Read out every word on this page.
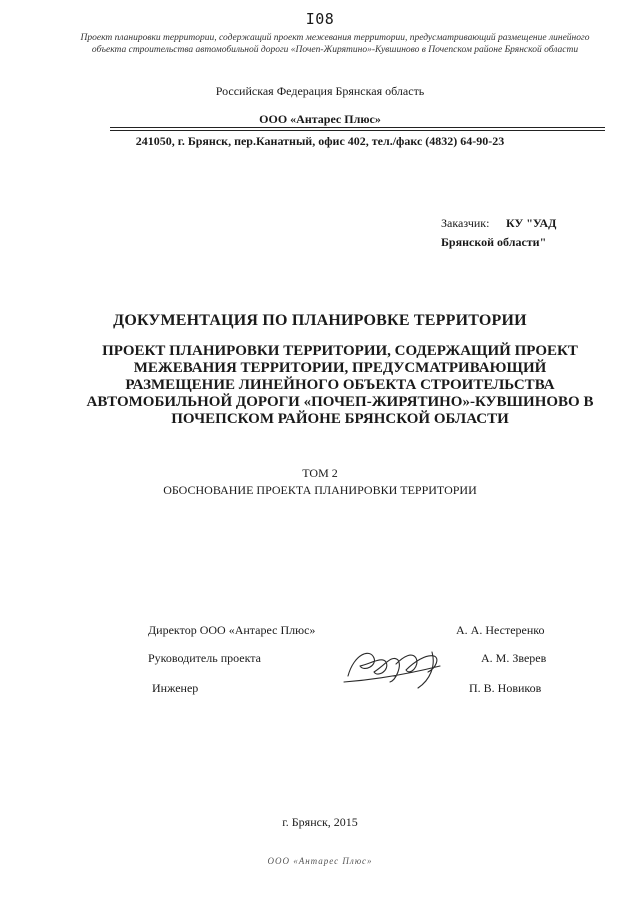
I08
Проект планировки территории, содержащий проект межевания территории, предусматривающий размещение линейного объекта строительства автомобильной дороги «Почеп-Жирятино»-Кувшиново в Почепском районе Брянской области
Российская Федерация Брянская область
ООО «Антарес Плюс»
241050, г. Брянск, пер.Канатный, офис 402, тел./факс (4832) 64-90-23
Заказчик: КУ "УАД
Брянской области"
ДОКУМЕНТАЦИЯ ПО ПЛАНИРОВКЕ ТЕРРИТОРИИ
ПРОЕКТ ПЛАНИРОВКИ ТЕРРИТОРИИ, СОДЕРЖАЩИЙ ПРОЕКТ МЕЖЕВАНИЯ ТЕРРИТОРИИ, ПРЕДУСМАТРИВАЮЩИЙ РАЗМЕЩЕНИЕ ЛИНЕЙНОГО ОБЪЕКТА СТРОИТЕЛЬСТВА АВТОМОБИЛЬНОЙ ДОРОГИ «ПОЧЕП-ЖИРЯТИНО»-КУВШИНОВО В ПОЧЕПСКОМ РАЙОНЕ БРЯНСКОЙ ОБЛАСТИ
ТОМ 2
ОБОСНОВАНИЕ ПРОЕКТА ПЛАНИРОВКИ ТЕРРИТОРИИ
Директор ООО «Антарес Плюс»	А. А. Нестеренко
Руководитель проекта	А. М. Зверев
Инженер	П. В. Новиков
г. Брянск, 2015
ООО «Антарес Плюс»
